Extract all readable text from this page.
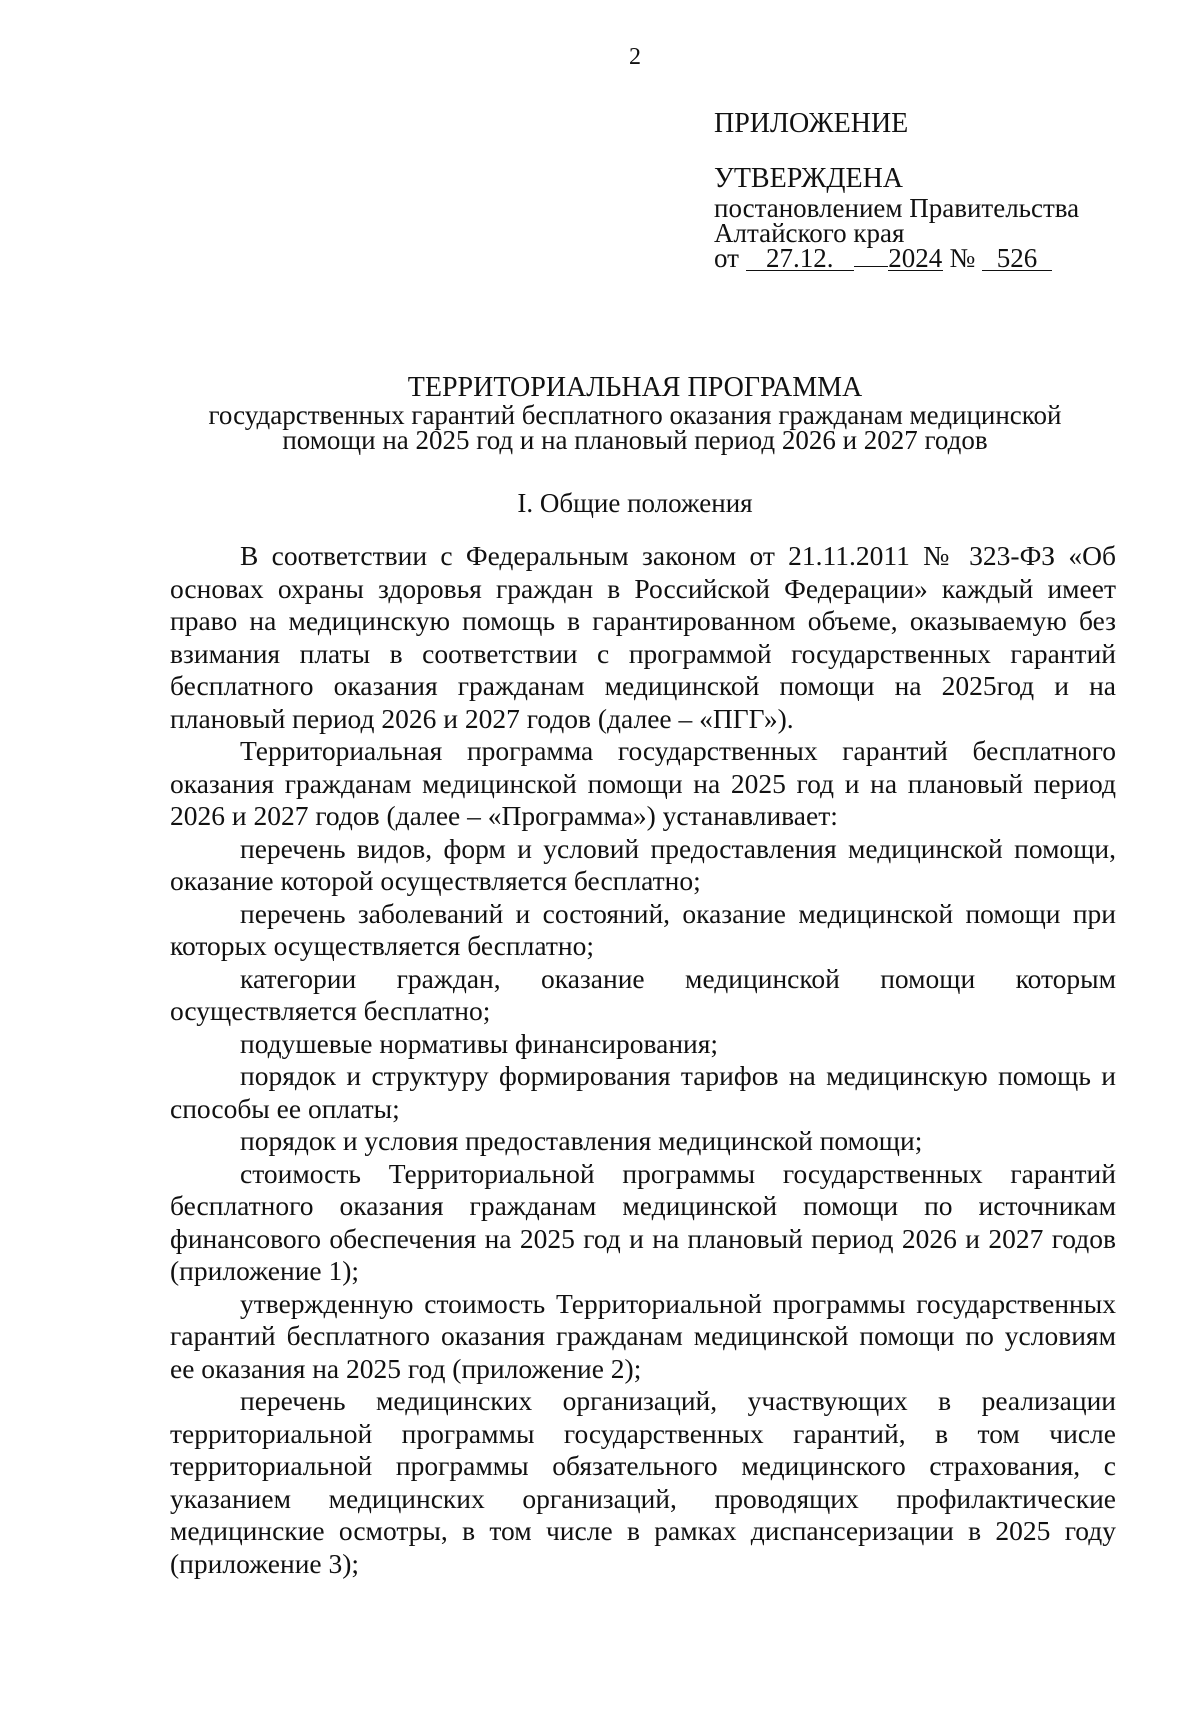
2
ПРИЛОЖЕНИЕ
УТВЕРЖДЕНА
постановлением Правительства
Алтайского края
от 27.12. 2024 № 526
ТЕРРИТОРИАЛЬНАЯ ПРОГРАММА
государственных гарантий бесплатного оказания гражданам медицинской
помощи на 2025 год и на плановый период 2026 и 2027 годов
I. Общие положения

В соответствии с Федеральным законом от 21.11.2011 № 323-ФЗ «Об основах охраны здоровья граждан в Российской Федерации» каждый имеет право на медицинскую помощь в гарантированном объеме, оказываемую без взимания платы в соответствии с программой государственных гарантий бесплатного оказания гражданам медицинской помощи на 2025год и на плановый период 2026 и 2027 годов (далее – «ПГГ»).

Территориальная программа государственных гарантий бесплатного оказания гражданам медицинской помощи на 2025 год и на плановый период 2026 и 2027 годов (далее – «Программа») устанавливает:

перечень видов, форм и условий предоставления медицинской помощи, оказание которой осуществляется бесплатно;

перечень заболеваний и состояний, оказание медицинской помощи при которых осуществляется бесплатно;

категории граждан, оказание медицинской помощи которым осуществляется бесплатно;

подушевые нормативы финансирования;

порядок и структуру формирования тарифов на медицинскую помощь и способы ее оплаты;

порядок и условия предоставления медицинской помощи;

стоимость Территориальной программы государственных гарантий бесплатного оказания гражданам медицинской помощи по источникам финансового обеспечения на 2025 год и на плановый период 2026 и 2027 годов (приложение 1);

утвержденную стоимость Территориальной программы государственных гарантий бесплатного оказания гражданам медицинской помощи по условиям ее оказания на 2025 год (приложение 2);

перечень медицинских организаций, участвующих в реализации территориальной программы государственных гарантий, в том числе территориальной программы обязательного медицинского страхования, с указанием медицинских организаций, проводящих профилактические медицинские осмотры, в том числе в рамках диспансеризации в 2025 году (приложение 3);
